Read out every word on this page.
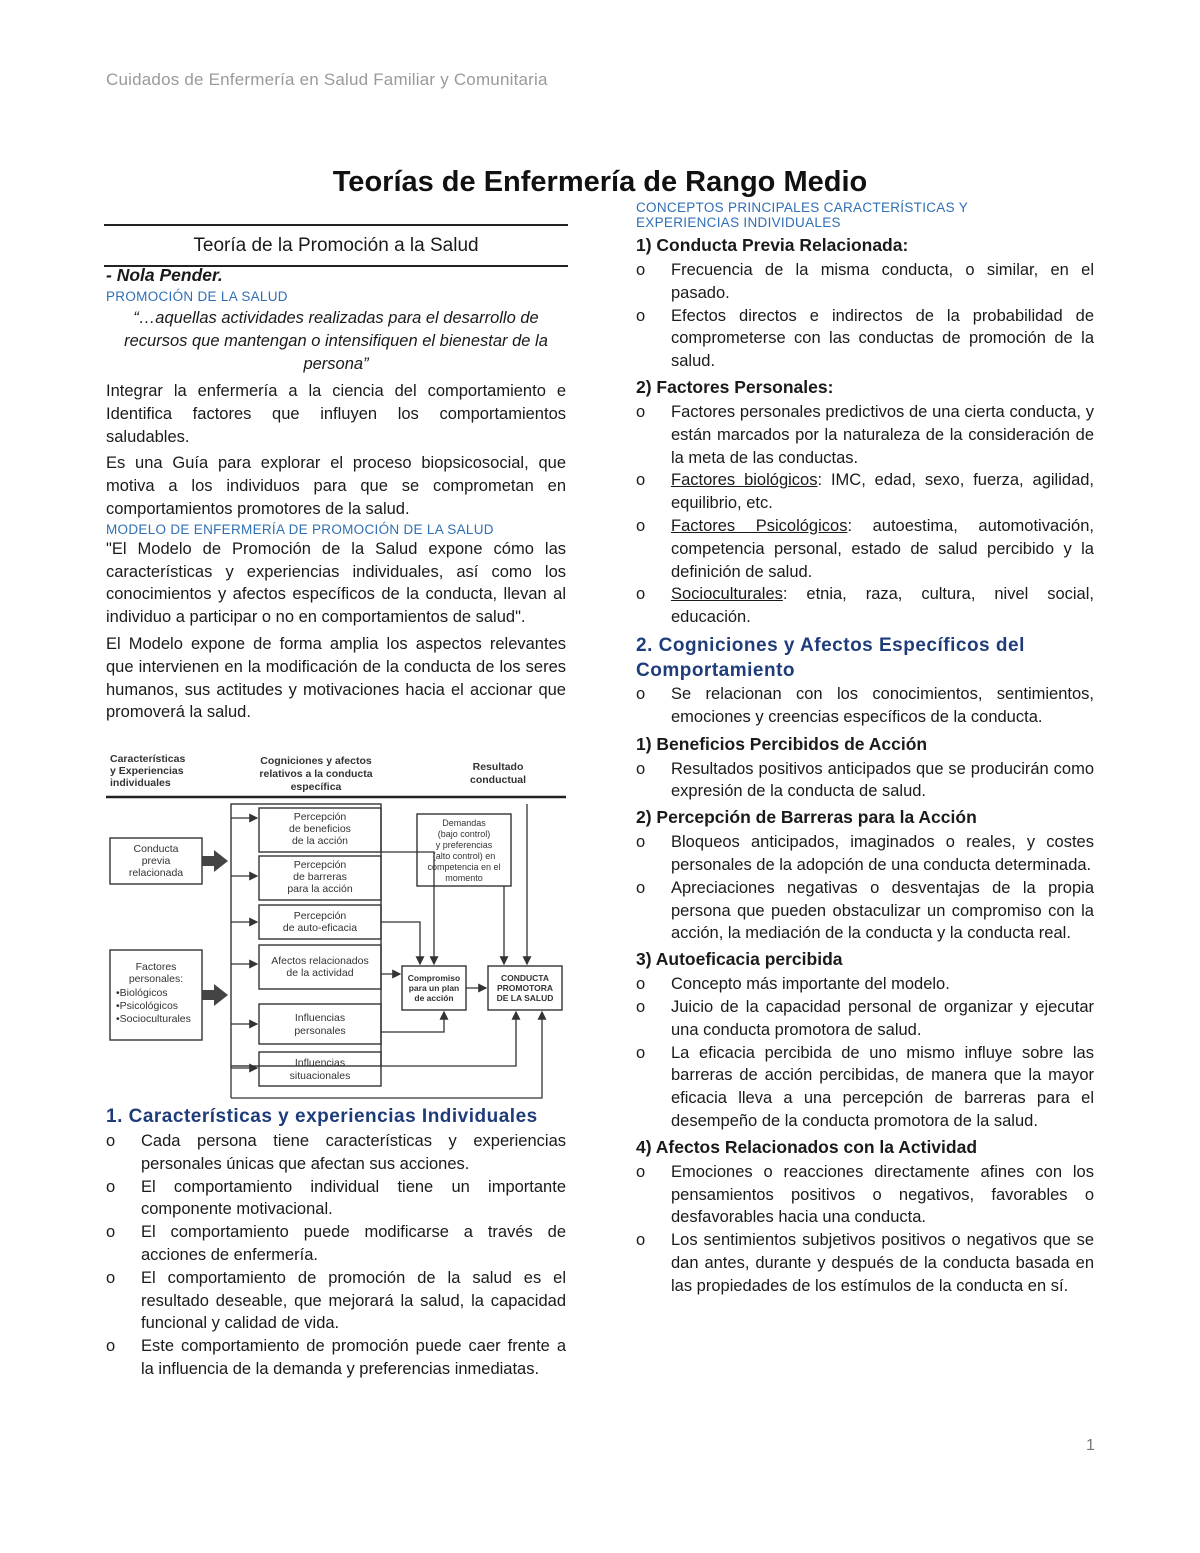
Cuidados de Enfermería en Salud Familiar y Comunitaria
Teorías de Enfermería de Rango Medio
Teoría de la Promoción a la Salud
- Nola Pender.
PROMOCIÓN DE LA SALUD
“…aquellas actividades realizadas para el desarrollo de recursos que mantengan o intensifiquen el bienestar de la persona”

Integrar la enfermería a la ciencia del comportamiento e Identifica factores que influyen los comportamientos saludables.

Es una Guía para explorar el proceso biopsicosocial, que motiva a los individuos para que se comprometan en comportamientos promotores de la salud.

MODELO DE ENFERMERÍA DE PROMOCIÓN DE LA SALUD

"El Modelo de Promoción de la Salud expone cómo las características y experiencias individuales, así como los conocimientos y afectos específicos de la conducta, llevan al individuo a participar o no en comportamientos de salud".

El Modelo expone de forma amplia los aspectos relevantes que intervienen en la modificación de la conducta de los seres humanos, sus actitudes y motivaciones hacia el accionar que promoverá la salud.

Características
y Experiencias
individuales
Cogniciones y afectos
relativos a la conducta
específica
Resultado
conductual
Conducta
previa
relacionada
Factores
personales:
•Biológicos
•Psicológicos
•Socioculturales
Percepción
de beneficios
de la acción
Percepción
de barreras
para la acción
Percepción
de auto-eficacia
Afectos relacionados
de la actividad
Influencias
personales
Influencias
situacionales
Demandas
(bajo control)
y preferencias
(alto control) en
competencia en el
momento
Compromiso
para un plan
de acción
CONDUCTA
PROMOTORA
DE LA SALUD
1. Características y experiencias Individuales
o Cada persona tiene características y experiencias personales únicas que afectan sus acciones.
o El comportamiento individual tiene un importante componente motivacional.
o El comportamiento puede modificarse a través de acciones de enfermería.
o El comportamiento de promoción de la salud es el resultado deseable, que mejorará la salud, la capacidad funcional y calidad de vida.
o Este comportamiento de promoción puede caer frente a la influencia de la demanda y preferencias inmediatas.
CONCEPTOS PRINCIPALES CARACTERÍSTICAS Y
EXPERIENCIAS INDIVIDUALES
1) Conducta Previa Relacionada:
o Frecuencia de la misma conducta, o similar, en el pasado.
o Efectos directos e indirectos de la probabilidad de comprometerse con las conductas de promoción de la salud.
2) Factores Personales:
o Factores personales predictivos de una cierta conducta, y están marcados por la naturaleza de la consideración de la meta de las conductas.
o Factores biológicos: IMC, edad, sexo, fuerza, agilidad, equilibrio, etc.
o Factores Psicológicos: autoestima, automotivación, competencia personal, estado de salud percibido y la definición de salud.
o Socioculturales: etnia, raza, cultura, nivel social, educación.
2. Cogniciones y Afectos Específicos del Comportamiento
o Se relacionan con los conocimientos, sentimientos, emociones y creencias específicos de la conducta.
1) Beneficios Percibidos de Acción
o Resultados positivos anticipados que se producirán como expresión de la conducta de salud.
2) Percepción de Barreras para la Acción
o Bloqueos anticipados, imaginados o reales, y costes personales de la adopción de una conducta determinada.
o Apreciaciones negativas o desventajas de la propia persona que pueden obstaculizar un compromiso con la acción, la mediación de la conducta y la conducta real.
3) Autoeficacia percibida
o Concepto más importante del modelo.
o Juicio de la capacidad personal de organizar y ejecutar una conducta promotora de salud.
o La eficacia percibida de uno mismo influye sobre las barreras de acción percibidas, de manera que la mayor eficacia lleva a una percepción de barreras para el desempeño de la conducta promotora de la salud.
4) Afectos Relacionados con la Actividad
o Emociones o reacciones directamente afines con los pensamientos positivos o negativos, favorables o desfavorables hacia una conducta.
o Los sentimientos subjetivos positivos o negativos que se dan antes, durante y después de la conducta basada en las propiedades de los estímulos de la conducta en sí.
1
